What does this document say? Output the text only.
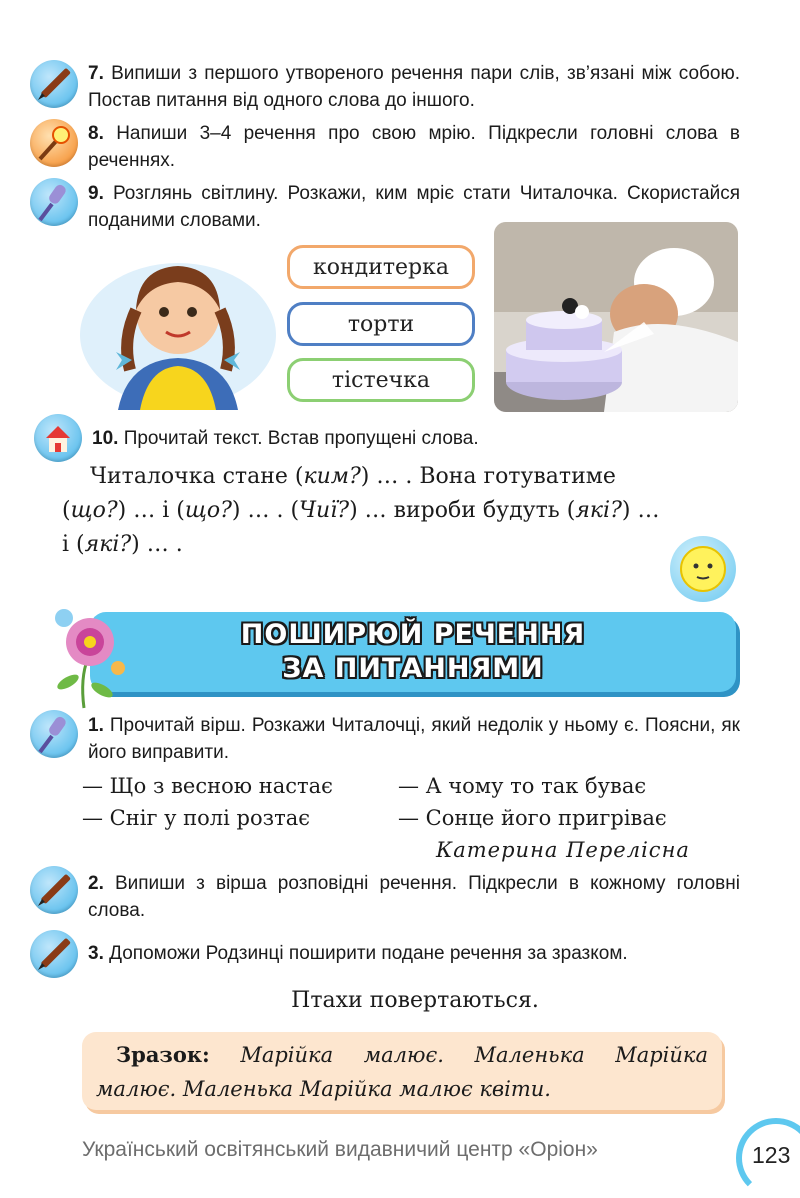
7. Випиши з першого утвореного речення пари слів, зв’язані між собою. Постав питання від одного слова до іншого.
8. Напиши 3–4 речення про свою мрію. Підкресли головні слова в реченнях.
9. Розглянь світлину. Розкажи, ким мріє стати Читалочка. Скористайся поданими словами.
кондитерка
торти
тістечка
10. Прочитай текст. Встав пропущені слова.
Читалочка стане (ким?) … . Вона готуватиме
(що?) … і (що?) … . (Чиї?) … вироби будуть (які?) …
і (які?) … .
ПОШИРЮЙ РЕЧЕННЯ
ЗА ПИТАННЯМИ
1. Прочитай вірш. Розкажи Читалочці, який недолік у ньому є. Поясни, як його виправити.
— Що з весною настає
— Сніг у полі розтає
— А чому то так буває
— Сонце його пригріває
Катерина Перелісна
2. Випиши з вірша розповідні речення. Підкресли в кожному головні слова.
3. Допоможи Родзинці поширити подане речення за зразком.
Птахи повертаються.
Зразок: Марійка малює. Маленька Марійка
малює. Маленька Марійка малює квіти.
Український освітянський видавничий центр «Оріон»	123
